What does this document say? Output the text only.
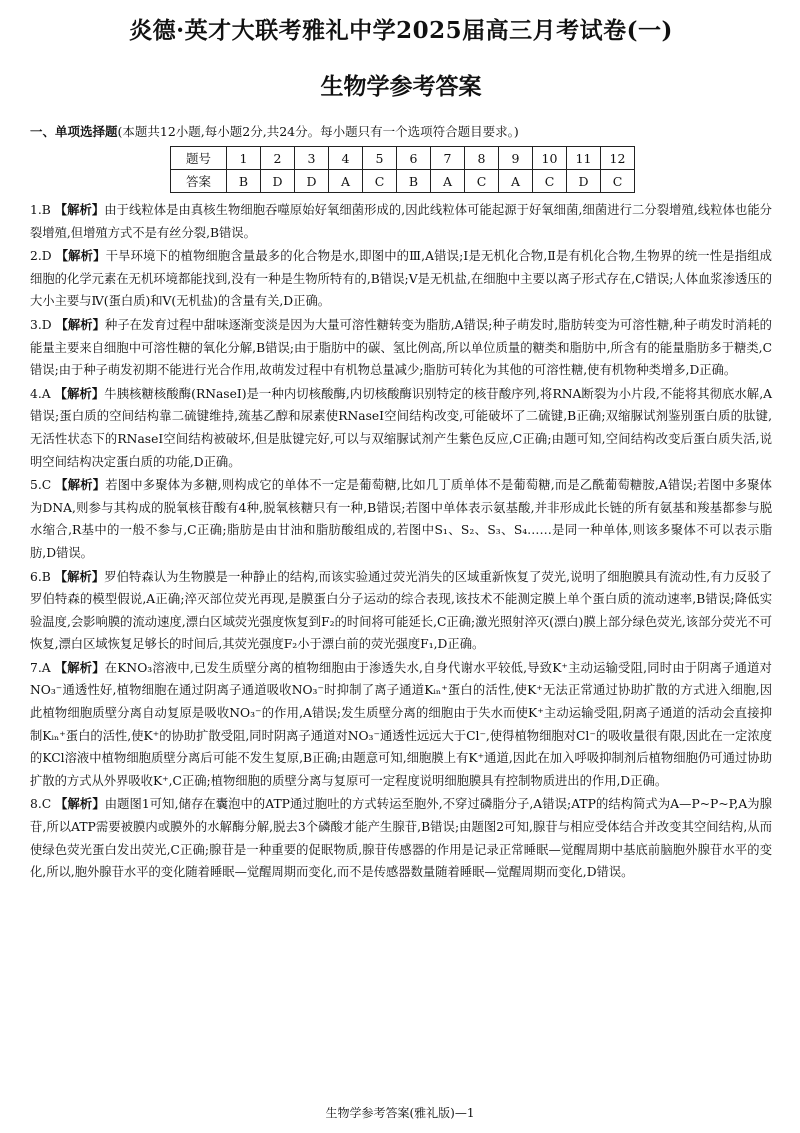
炎德·英才大联考雅礼中学2025届高三月考试卷(一)
生物学参考答案
一、单项选择题(本题共12小题,每小题2分,共24分。每小题只有一个选项符合题目要求。)
题号	1	2	3	4	5	6	7	8	9	10	11	12
答案	B	D	D	A	C	B	A	C	A	C	D	C

1.B 【解析】由于线粒体是由真核生物细胞吞噬原始好氧细菌形成的,因此线粒体可能起源于好氧细菌,细菌进行二分裂增殖,线粒体也能分裂增殖,但增殖方式不是有丝分裂,B错误。

2.D 【解析】干旱环境下的植物细胞含量最多的化合物是水,即图中的Ⅲ,A错误;Ⅰ是无机化合物,Ⅱ是有机化合物,生物界的统一性是指组成细胞的化学元素在无机环境都能找到,没有一种是生物所特有的,B错误;Ⅴ是无机盐,在细胞中主要以离子形式存在,C错误;人体血浆渗透压的大小主要与Ⅳ(蛋白质)和Ⅴ(无机盐)的含量有关,D正确。

3.D 【解析】种子在发育过程中甜味逐渐变淡是因为大量可溶性糖转变为脂肪,A错误;种子萌发时,脂肪转变为可溶性糖,种子萌发时消耗的能量主要来自细胞中可溶性糖的氧化分解,B错误;由于脂肪中的碳、氢比例高,所以单位质量的糖类和脂肪中,所含有的能量脂肪多于糖类,C错误;由于种子萌发初期不能进行光合作用,故萌发过程中有机物总量减少;脂肪可转化为其他的可溶性糖,使有机物种类增多,D正确。

4.A 【解析】牛胰核糖核酸酶(RNaseI)是一种内切核酸酶,内切核酸酶识别特定的核苷酸序列,将RNA断裂为小片段,不能将其彻底水解,A错误;蛋白质的空间结构靠二硫键维持,巯基乙醇和尿素使RNaseI空间结构改变,可能破坏了二硫键,B正确;双缩脲试剂鉴别蛋白质的肽键,无活性状态下的RNaseI空间结构被破坏,但是肽键完好,可以与双缩脲试剂产生紫色反应,C正确;由题可知,空间结构改变后蛋白质失活,说明空间结构决定蛋白质的功能,D正确。

5.C 【解析】若图中多聚体为多糖,则构成它的单体不一定是葡萄糖,比如几丁质单体不是葡萄糖,而是乙酰葡萄糖胺,A错误;若图中多聚体为DNA,则参与其构成的脱氧核苷酸有4种,脱氧核糖只有一种,B错误;若图中单体表示氨基酸,并非形成此长链的所有氨基和羧基都参与脱水缩合,R基中的一般不参与,C正确;脂肪是由甘油和脂肪酸组成的,若图中S₁、S₂、S₃、S₄……是同一种单体,则该多聚体不可以表示脂肪,D错误。

6.B 【解析】罗伯特森认为生物膜是一种静止的结构,而该实验通过荧光消失的区域重新恢复了荧光,说明了细胞膜具有流动性,有力反驳了罗伯特森的模型假说,A正确;淬灭部位荧光再现,是膜蛋白分子运动的综合表现,该技术不能测定膜上单个蛋白质的流动速率,B错误;降低实验温度,会影响膜的流动速度,漂白区域荧光强度恢复到F₂的时间将可能延长,C正确;激光照射淬灭(漂白)膜上部分绿色荧光,该部分荧光不可恢复,漂白区域恢复足够长的时间后,其荧光强度F₂小于漂白前的荧光强度F₁,D正确。

7.A 【解析】在KNO₃溶液中,已发生质壁分离的植物细胞由于渗透失水,自身代谢水平较低,导致K⁺主动运输受阻,同时由于阴离子通道对NO₃⁻通透性好,植物细胞在通过阴离子通道吸收NO₃⁻时抑制了离子通道Kᵢₙ⁺蛋白的活性,使K⁺无法正常通过协助扩散的方式进入细胞,因此植物细胞质壁分离自动复原是吸收NO₃⁻的作用,A错误;发生质壁分离的细胞由于失水而使K⁺主动运输受阻,阴离子通道的活动会直接抑制Kᵢₙ⁺蛋白的活性,使K⁺的协助扩散受阻,同时阴离子通道对NO₃⁻通透性远远大于Cl⁻,使得植物细胞对Cl⁻的吸收量很有限,因此在一定浓度的KCl溶液中植物细胞质壁分离后可能不发生复原,B正确;由题意可知,细胞膜上有K⁺通道,因此在加入呼吸抑制剂后植物细胞仍可通过协助扩散的方式从外界吸收K⁺,C正确;植物细胞的质壁分离与复原可一定程度说明细胞膜具有控制物质进出的作用,D正确。

8.C 【解析】由题图1可知,储存在囊泡中的ATP通过胞吐的方式转运至胞外,不穿过磷脂分子,A错误;ATP的结构简式为A—P~P~P,A为腺苷,所以ATP需要被膜内或膜外的水解酶分解,脱去3个磷酸才能产生腺苷,B错误;由题图2可知,腺苷与相应受体结合并改变其空间结构,从而使绿色荧光蛋白发出荧光,C正确;腺苷是一种重要的促眠物质,腺苷传感器的作用是记录正常睡眠—觉醒周期中基底前脑胞外腺苷水平的变化,所以,胞外腺苷水平的变化随着睡眠—觉醒周期而变化,而不是传感器数量随着睡眠—觉醒周期而变化,D错误。

生物学参考答案(雅礼版)—1
